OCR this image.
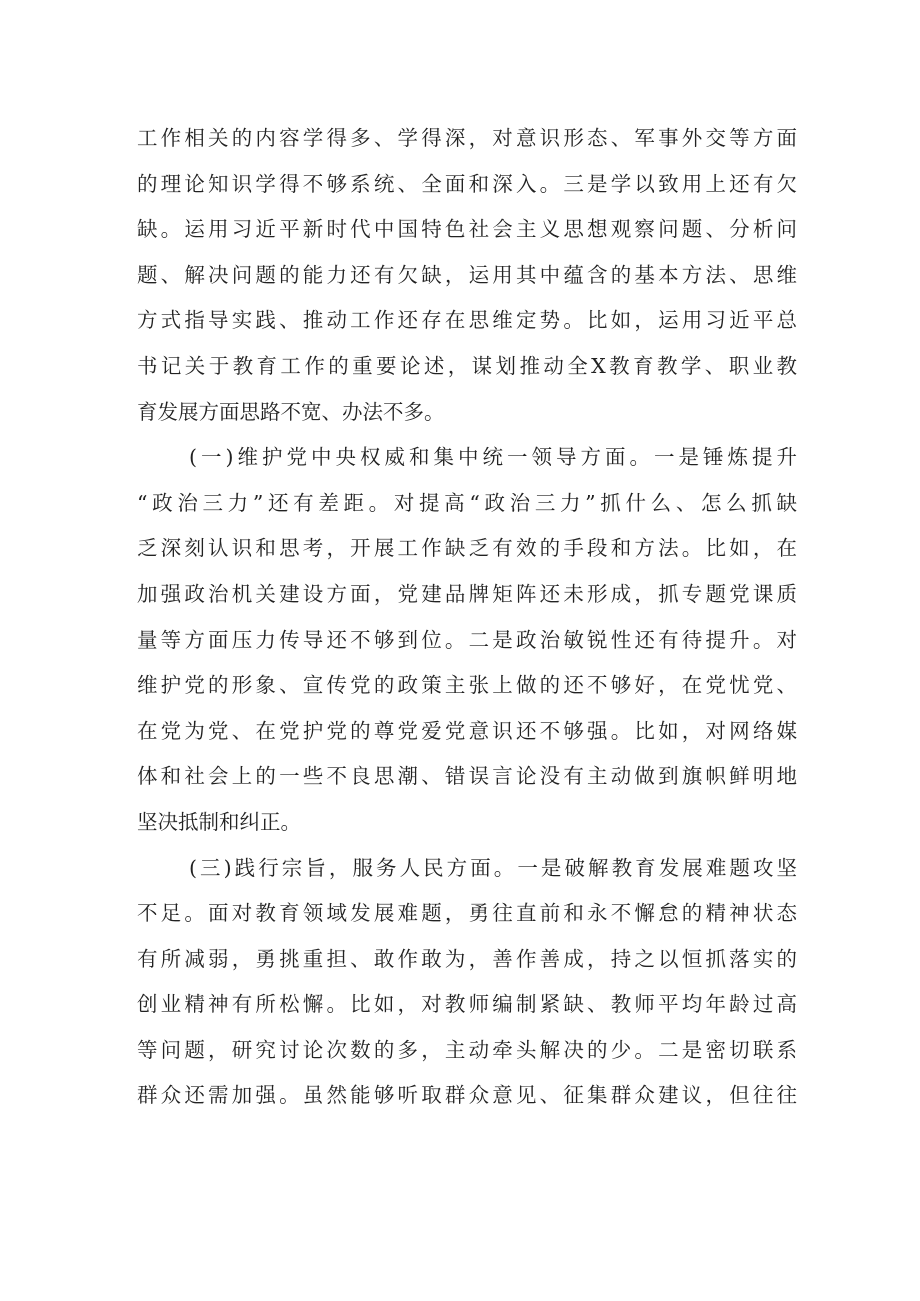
工作相关的内容学得多、学得深，对意识形态、军事外交等方面
的理论知识学得不够系统、全面和深入。三是学以致用上还有欠
缺。运用习近平新时代中国特色社会主义思想观察问题、分析问
题、解决问题的能力还有欠缺，运用其中蕴含的基本方法、思维
方式指导实践、推动工作还存在思维定势。比如，运用习近平总
书记关于教育工作的重要论述，谋划推动全X教育教学、职业教
育发展方面思路不宽、办法不多。
(一)维护党中央权威和集中统一领导方面。一是锤炼提升
“政治三力”还有差距。对提高“政治三力”抓什么、怎么抓缺
乏深刻认识和思考，开展工作缺乏有效的手段和方法。比如，在
加强政治机关建设方面，党建品牌矩阵还未形成，抓专题党课质
量等方面压力传导还不够到位。二是政治敏锐性还有待提升。对
维护党的形象、宣传党的政策主张上做的还不够好，在党忧党、
在党为党、在党护党的尊党爱党意识还不够强。比如，对网络媒
体和社会上的一些不良思潮、错误言论没有主动做到旗帜鲜明地
坚决抵制和纠正。
(三)践行宗旨，服务人民方面。一是破解教育发展难题攻坚
不足。面对教育领域发展难题，勇往直前和永不懈怠的精神状态
有所减弱，勇挑重担、敢作敢为，善作善成，持之以恒抓落实的
创业精神有所松懈。比如，对教师编制紧缺、教师平均年龄过高
等问题，研究讨论次数的多，主动牵头解决的少。二是密切联系
群众还需加强。虽然能够听取群众意见、征集群众建议，但往往
